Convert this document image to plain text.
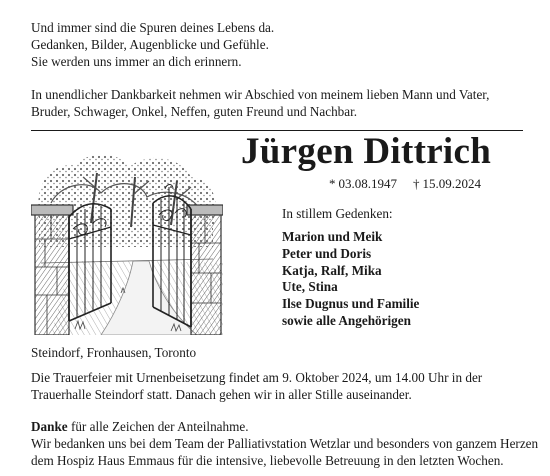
Und immer sind die Spuren deines Lebens da.
Gedanken, Bilder, Augenblicke und Gefühle.
Sie werden uns immer an dich erinnern.
In unendlicher Dankbarkeit nehmen wir Abschied von meinem lieben Mann und Vater,
Bruder, Schwager, Onkel, Neffen, guten Freund und Nachbar.
Jürgen Dittrich
* 03.08.1947 † 15.09.2024
In stillem Gedenken:
Marion und Meik
Peter und Doris
Katja, Ralf, Mika
Ute, Stina
Ilse Dugnus und Familie
sowie alle Angehörigen
Steindorf, Fronhausen, Toronto
Die Trauerfeier mit Urnenbeisetzung findet am 9. Oktober 2024, um 14.00 Uhr in der
Trauerhalle Steindorf statt. Danach gehen wir in aller Stille auseinander.
Danke für alle Zeichen der Anteilnahme.
Wir bedanken uns bei dem Team der Palliativstation Wetzlar und besonders von ganzem Herzen
dem Hospiz Haus Emmaus für die intensive, liebevolle Betreuung in den letzten Wochen.
